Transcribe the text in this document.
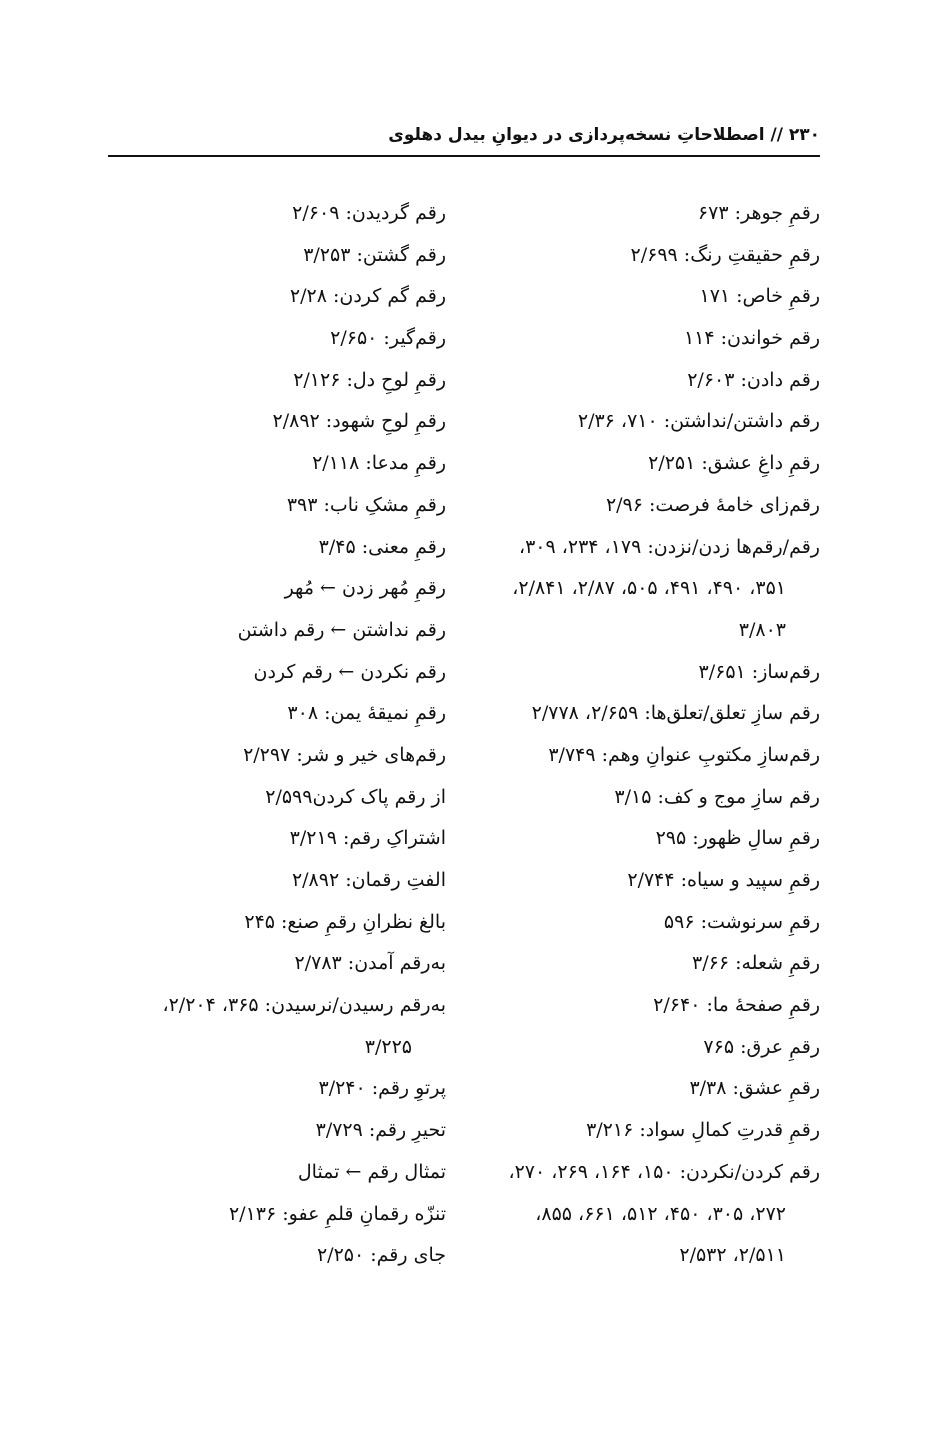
۲۳۰ // اصطلاحاتِ نسخه‌پردازی در دیوانِ بیدل دهلوی
رقمِ جوهر: ۶۷۳
رقمِ حقیقتِ رنگ: ۲/۶۹۹
رقمِ خاص: ۱۷۱
رقم خواندن: ۱۱۴
رقم دادن: ۲/۶۰۳
رقم داشتن/نداشتن: ۷۱۰، ۲/۳۶
رقمِ داغِ عشق: ۲/۲۵۱
رقم‌زای خامهٔ فرصت: ۲/۹۶
رقم/رقم‌ها زدن/نزدن: ۱۷۹، ۲۳۴، ۳۰۹،
۳۵۱، ۴۹۰، ۴۹۱، ۵۰۵، ۲/۸۷، ۲/۸۴۱،
۳/۸۰۳
رقم‌ساز: ۳/۶۵۱
رقم سازِ تعلق/تعلق‌ها: ۲/۶۵۹، ۲/۷۷۸
رقم‌سازِ مکتوبِ عنوانِ وهم: ۳/۷۴۹
رقم سازِ موج و کف: ۳/۱۵
رقمِ سالِ ظهور: ۲۹۵
رقمِ سپید و سیاه: ۲/۷۴۴
رقمِ سرنوشت: ۵۹۶
رقمِ شعله: ۳/۶۶
رقمِ صفحهٔ ما: ۲/۶۴۰
رقمِ عرق: ۷۶۵
رقمِ عشق: ۳/۳۸
رقمِ قدرتِ کمالِ سواد: ۳/۲۱۶
رقم کردن/نکردن: ۱۵۰، ۱۶۴، ۲۶۹، ۲۷۰،
۲۷۲، ۳۰۵، ۴۵۰، ۵۱۲، ۶۶۱، ۸۵۵،
۲/۵۱۱، ۲/۵۳۲
رقم گردیدن: ۲/۶۰۹
رقم گشتن: ۳/۲۵۳
رقم گم کردن: ۲/۲۸
رقم‌گیر: ۲/۶۵۰
رقمِ لوحِ دل: ۲/۱۲۶
رقمِ لوحِ شهود: ۲/۸۹۲
رقمِ مدعا: ۲/۱۱۸
رقمِ مشکِ ناب: ۳۹۳
رقمِ معنی: ۳/۴۵
رقمِ مُهر زدن ← مُهر
رقم نداشتن ← رقم داشتن
رقم نکردن ← رقم کردن
رقمِ نمیقهٔ یمن: ۳۰۸
رقم‌های خیر و شر: ۲/۲۹۷
از رقم پاک کردن۲/۵۹۹
اشتراکِ رقم: ۳/۲۱۹
الفتِ رقمان: ۲/۸۹۲
بالغ نظرانِ رقمِ صنع: ۲۴۵
به‌رقم آمدن: ۲/۷۸۳
به‌رقم رسیدن/نرسیدن: ۳۶۵، ۲/۲۰۴،
۳/۲۲۵
پرتوِ رقم: ۳/۲۴۰
تحیرِ رقم: ۳/۷۲۹
تمثال رقم ← تمثال
تنزّه رقمانِ قلمِ عفو: ۲/۱۳۶
جای رقم: ۲/۲۵۰
